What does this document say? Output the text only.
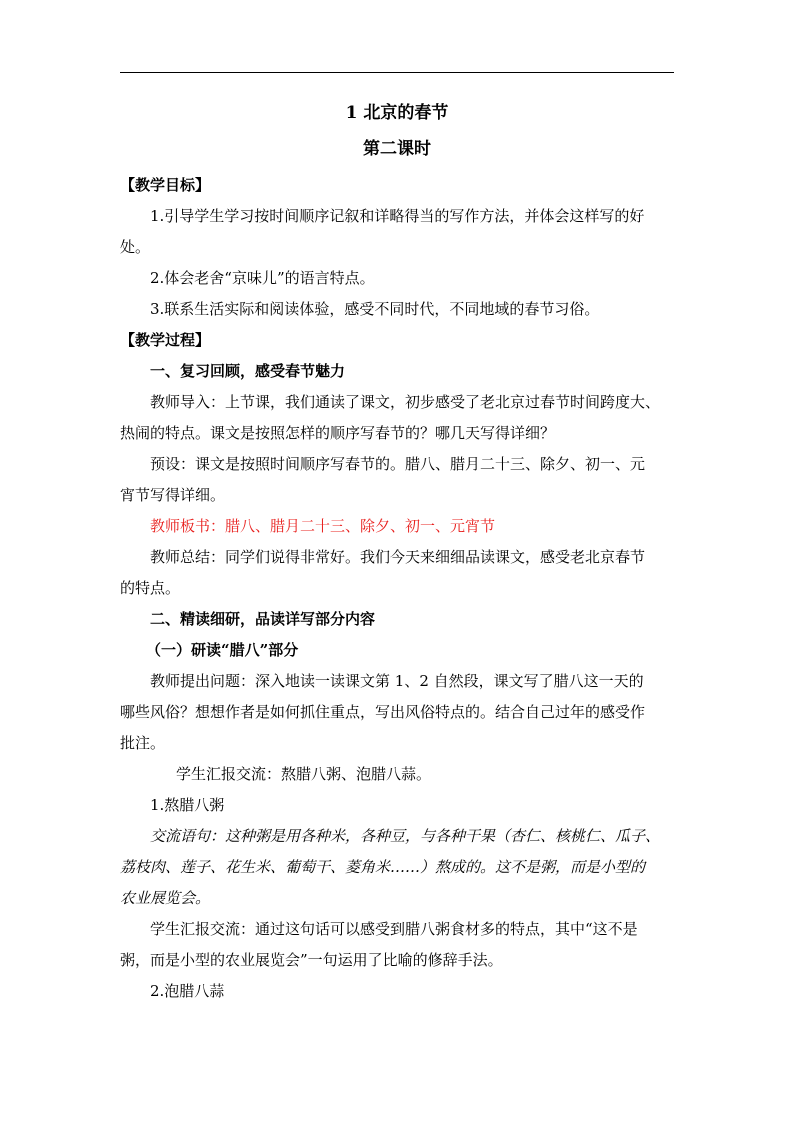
1 北京的春节
第二课时
【教学目标】
1.引导学生学习按时间顺序记叙和详略得当的写作方法，并体会这样写的好
处。
2.体会老舍“京味儿”的语言特点。
3.联系生活实际和阅读体验，感受不同时代，不同地域的春节习俗。
【教学过程】
一、复习回顾，感受春节魅力
教师导入：上节课，我们通读了课文，初步感受了老北京过春节时间跨度大、
热闹的特点。课文是按照怎样的顺序写春节的？哪几天写得详细？
预设：课文是按照时间顺序写春节的。腊八、腊月二十三、除夕、初一、元
宵节写得详细。
教师板书：腊八、腊月二十三、除夕、初一、元宵节
教师总结：同学们说得非常好。我们今天来细细品读课文，感受老北京春节
的特点。
二、精读细研，品读详写部分内容
（一）研读“腊八”部分
教师提出问题：深入地读一读课文第 1、2 自然段，课文写了腊八这一天的
哪些风俗？想想作者是如何抓住重点，写出风俗特点的。结合自己过年的感受作
批注。
学生汇报交流：熬腊八粥、泡腊八蒜。
1.熬腊八粥
交流语句：这种粥是用各种米，各种豆，与各种干果（杏仁、核桃仁、瓜子、
荔枝肉、莲子、花生米、葡萄干、菱角米……）熬成的。这不是粥，而是小型的
农业展览会。
学生汇报交流：通过这句话可以感受到腊八粥食材多的特点，其中“这不是
粥，而是小型的农业展览会”一句运用了比喻的修辞手法。
2.泡腊八蒜
